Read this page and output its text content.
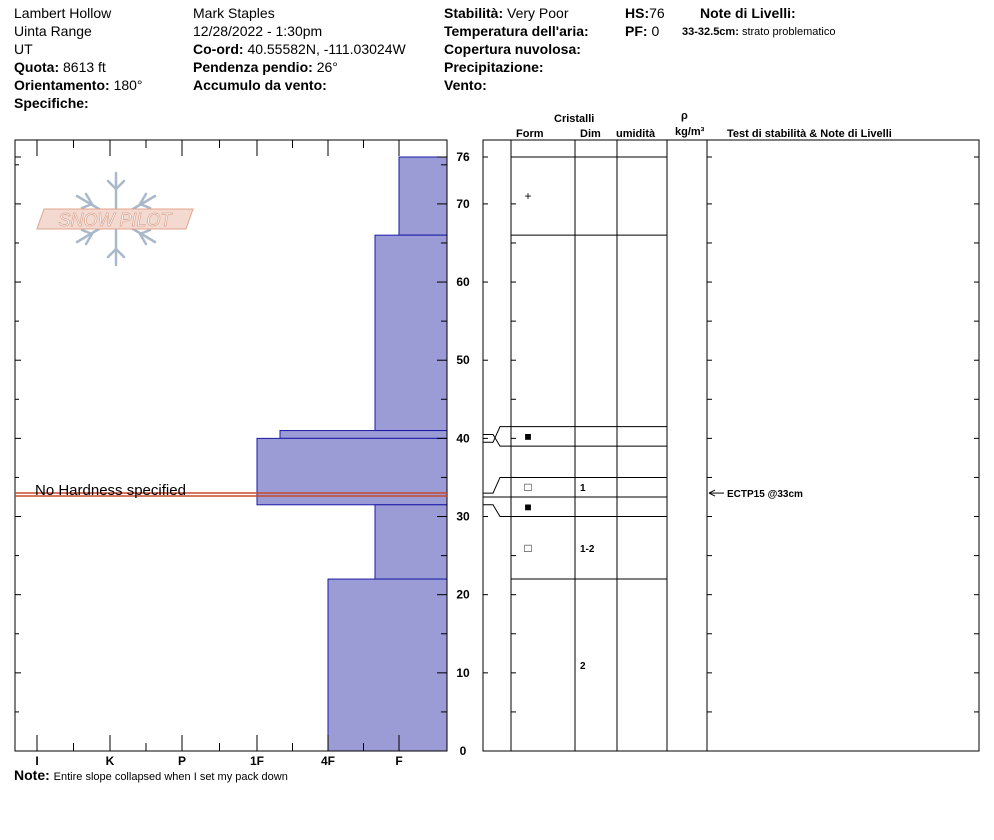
Lambert Hollow
Uinta Range
UT
Quota: 8613 ft
Orientamento: 180°
Specifiche:
Mark Staples
12/28/2022 - 1:30pm
Co-ord: 40.55582N, -111.03024W
Pendenza pendio: 26°
Accumulo da vento:
Stabilità: Very Poor
Temperatura dell'aria:
Copertura nuvolosa:
Precipitazione:
Vento:
HS:76
PF: 0
Note di Livelli:
33-32.5cm: strato problematico
Cristalli
Form	Dim umidità
ρ
kg/m³ Test di stabilità & Note di Livelli
SNOW PILOT
I	K	P	1F	4F	F
0
10
20
30
40
50
60
70
76
No Hardness specified
+
■
□	1
■
□	1-2
2
ECTP15 @33cm
Note: Entire slope collapsed when I set my pack down
